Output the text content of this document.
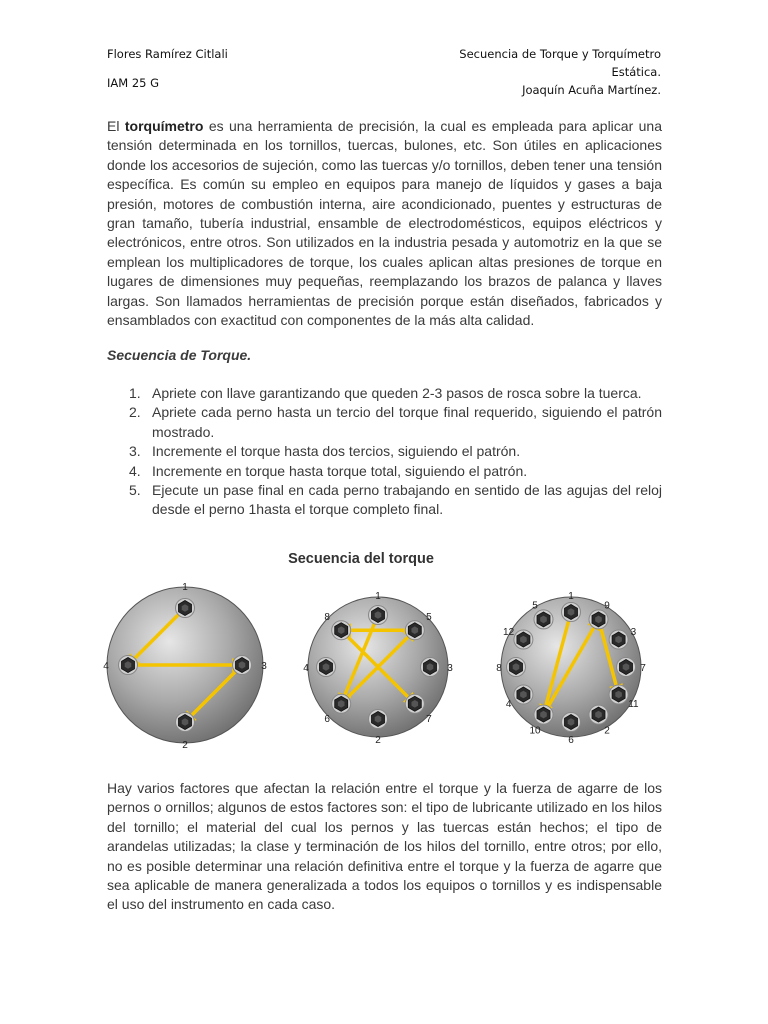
Flores Ramírez Citlali
IAM 25 G
Secuencia de Torque y Torquímetro
Estática.
Joaquín Acuña Martínez.

El torquímetro es una herramienta de precisión, la cual es empleada para aplicar una tensión determinada en los tornillos, tuercas, bulones, etc. Son útiles en aplicaciones donde los accesorios de sujeción, como las tuercas y/o tornillos, deben tener una tensión específica. Es común su empleo en equipos para manejo de líquidos y gases a baja presión, motores de combustión interna, aire acondicionado, puentes y estructuras de gran tamaño, tubería industrial, ensamble de electrodomésticos, equipos eléctricos y electrónicos, entre otros. Son utilizados en la industria pesada y automotriz en la que se emplean los multiplicadores de torque, los cuales aplican altas presiones de torque en lugares de dimensiones muy pequeñas, reemplazando los brazos de palanca y llaves largas. Son llamados herramientas de precisión porque están diseñados, fabricados y ensamblados con exactitud con componentes de la más alta calidad.

Secuencia de Torque.
1. Apriete con llave garantizando que queden 2-3 pasos de rosca sobre la tuerca.
2. Apriete cada perno hasta un tercio del torque final requerido, siguiendo el patrón mostrado.
3. Incremente el torque hasta dos tercios, siguiendo el patrón.
4. Incremente en torque hasta torque total, siguiendo el patrón.
5. Ejecute un pase final en cada perno trabajando en sentido de las agujas del reloj desde el perno 1hasta el torque completo final.
Secuencia del torque
1
3
2
4
1
5
3
7
2
6
4
8
1
9
3
7
11
2
6
10
4
8
12
5

Hay varios factores que afectan la relación entre el torque y la fuerza de agarre de los pernos o ornillos; algunos de estos factores son: el tipo de lubricante utilizado en los hilos del tornillo; el material del cual los pernos y las tuercas están hechos; el tipo de arandelas utilizadas; la clase y terminación de los hilos del tornillo, entre otros; por ello, no es posible determinar una relación definitiva entre el torque y la fuerza de agarre que sea aplicable de manera generalizada a todos los equipos o tornillos y es indispensable el uso del instrumento en cada caso.
